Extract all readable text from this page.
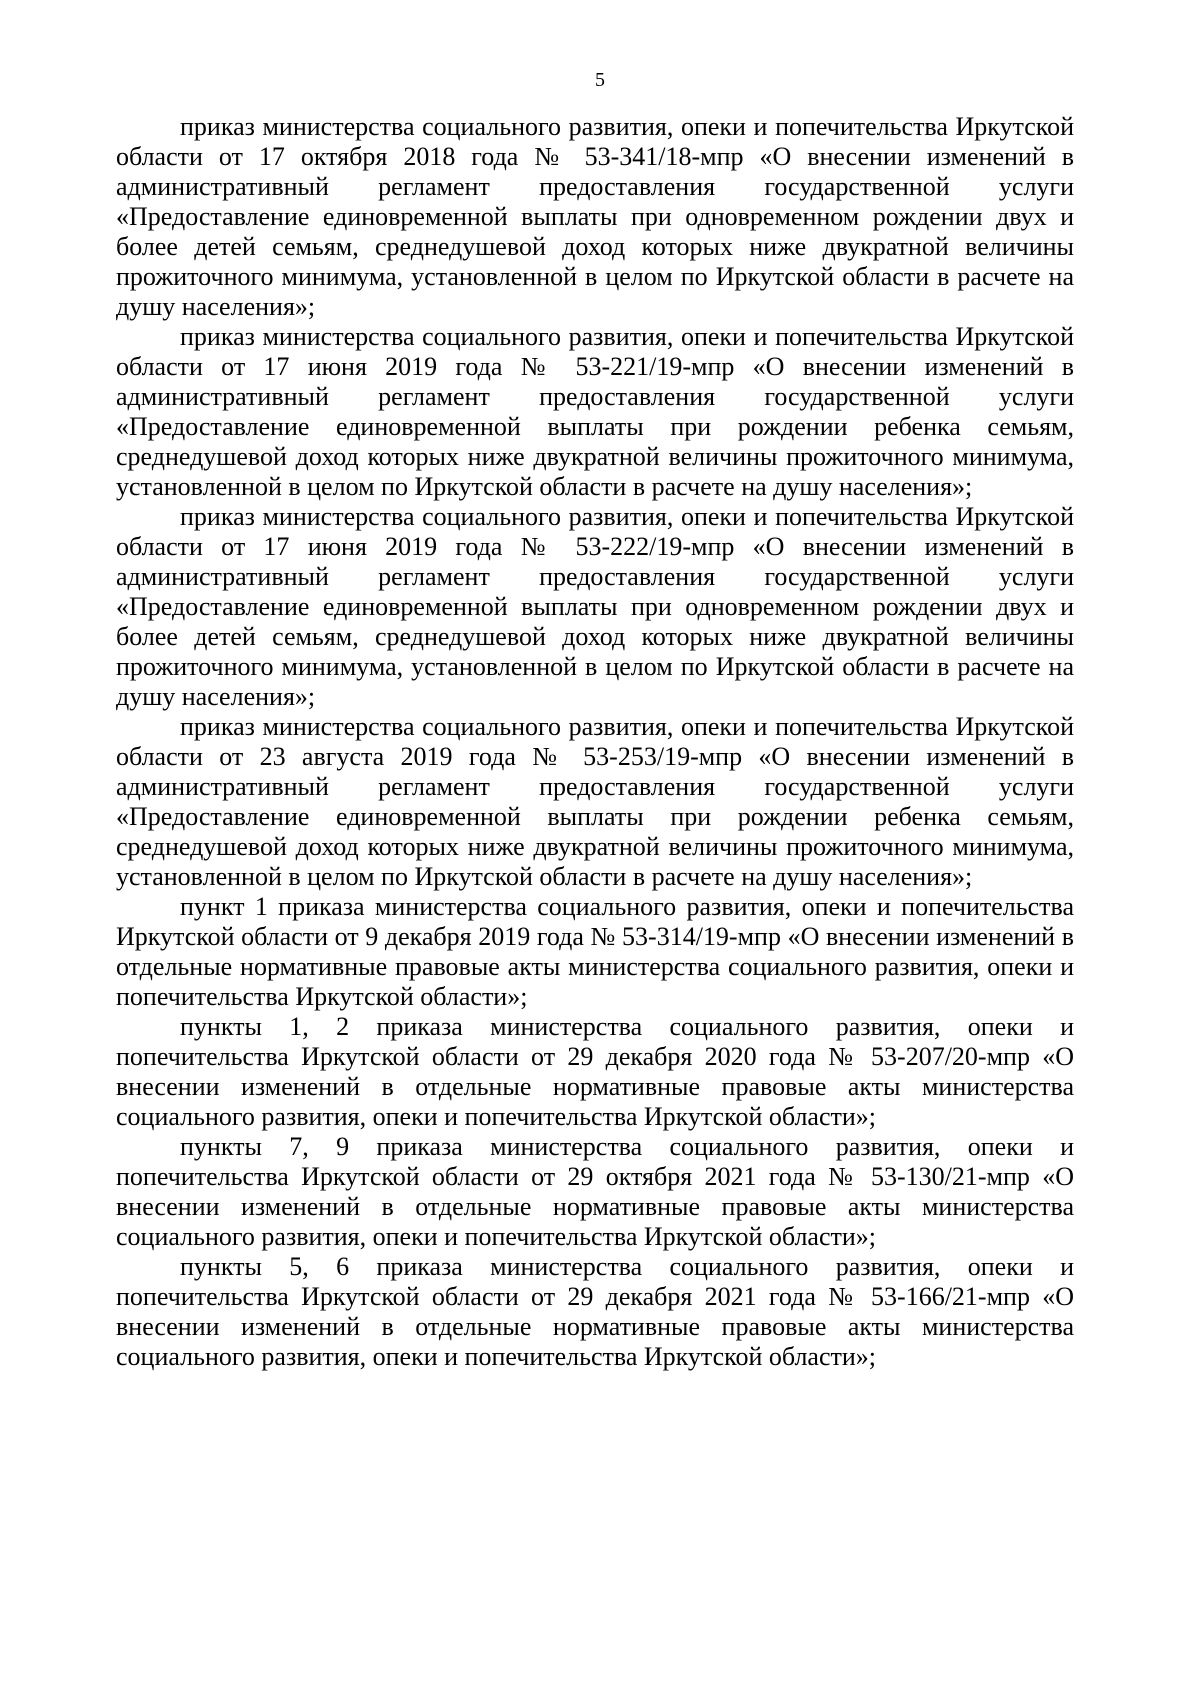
5

приказ министерства социального развития, опеки и попечительства Иркутской области от 17 октября 2018 года № 53-341/18-мпр «О внесении изменений в административный регламент предоставления государственной услуги «Предоставление единовременной выплаты при одновременном рождении двух и более детей семьям, среднедушевой доход которых ниже двукратной величины прожиточного минимума, установленной в целом по Иркутской области в расчете на душу населения»;

приказ министерства социального развития, опеки и попечительства Иркутской области от 17 июня 2019 года № 53-221/19-мпр «О внесении изменений в административный регламент предоставления государственной услуги «Предоставление единовременной выплаты при рождении ребенка семьям, среднедушевой доход которых ниже двукратной величины прожиточного минимума, установленной в целом по Иркутской области в расчете на душу населения»;

приказ министерства социального развития, опеки и попечительства Иркутской области от 17 июня 2019 года № 53-222/19-мпр «О внесении изменений в административный регламент предоставления государственной услуги «Предоставление единовременной выплаты при одновременном рождении двух и более детей семьям, среднедушевой доход которых ниже двукратной величины прожиточного минимума, установленной в целом по Иркутской области в расчете на душу населения»;

приказ министерства социального развития, опеки и попечительства Иркутской области от 23 августа 2019 года № 53-253/19-мпр «О внесении изменений в административный регламент предоставления государственной услуги «Предоставление единовременной выплаты при рождении ребенка семьям, среднедушевой доход которых ниже двукратной величины прожиточного минимума, установленной в целом по Иркутской области в расчете на душу населения»;

пункт 1 приказа министерства социального развития, опеки и попечительства Иркутской области от 9 декабря 2019 года № 53-314/19-мпр «О внесении изменений в отдельные нормативные правовые акты министерства социального развития, опеки и попечительства Иркутской области»;

пункты 1, 2 приказа министерства социального развития, опеки и попечительства Иркутской области от 29 декабря 2020 года № 53-207/20-мпр «О внесении изменений в отдельные нормативные правовые акты министерства социального развития, опеки и попечительства Иркутской области»;

пункты 7, 9 приказа министерства социального развития, опеки и попечительства Иркутской области от 29 октября 2021 года № 53-130/21-мпр «О внесении изменений в отдельные нормативные правовые акты министерства социального развития, опеки и попечительства Иркутской области»;

пункты 5, 6 приказа министерства социального развития, опеки и попечительства Иркутской области от 29 декабря 2021 года № 53-166/21-мпр «О внесении изменений в отдельные нормативные правовые акты министерства социального развития, опеки и попечительства Иркутской области»;
